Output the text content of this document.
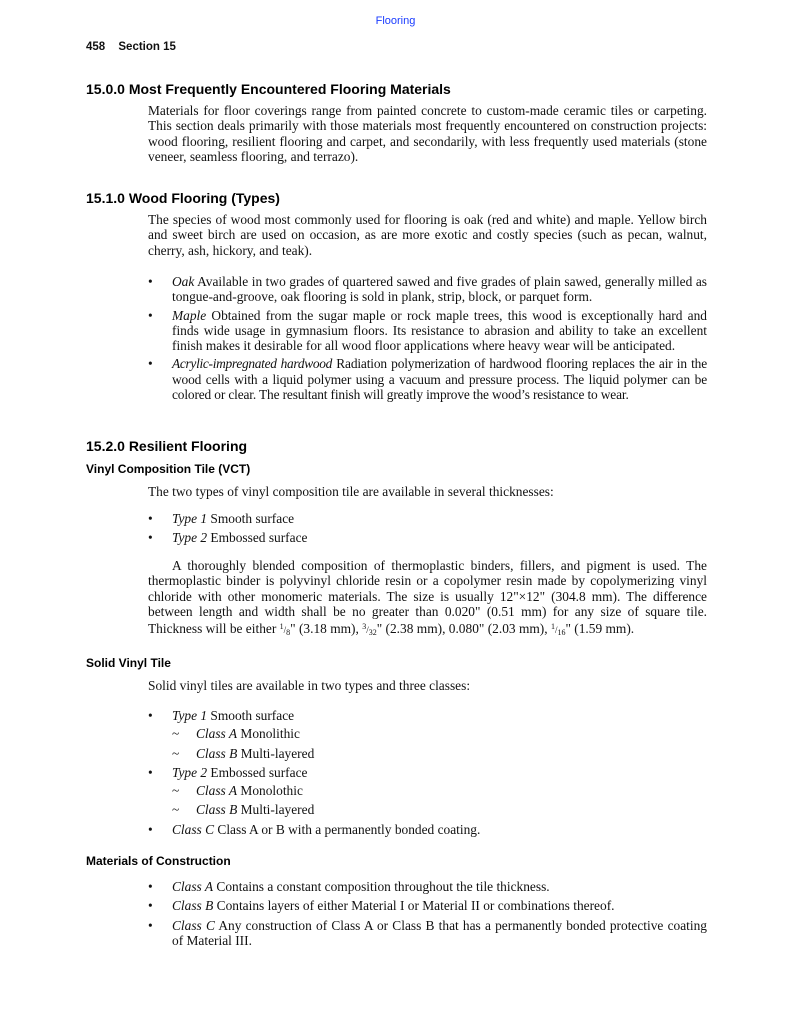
Flooring
458 Section 15
15.0.0 Most Frequently Encountered Flooring Materials

Materials for floor coverings range from painted concrete to custom-made ceramic tiles or carpeting. This section deals primarily with those materials most frequently encountered on construction projects: wood flooring, resilient flooring and carpet, and secondarily, with less frequently used materials (stone veneer, seamless flooring, and terrazo).

15.1.0 Wood Flooring (Types)

The species of wood most commonly used for flooring is oak (red and white) and maple. Yellow birch and sweet birch are used on occasion, as are more exotic and costly species (such as pecan, walnut, cherry, ash, hickory, and teak).

• Oak Available in two grades of quartered sawed and five grades of plain sawed, generally milled as tongue-and-groove, oak flooring is sold in plank, strip, block, or parquet form.
• Maple Obtained from the sugar maple or rock maple trees, this wood is exceptionally hard and finds wide usage in gymnasium floors. Its resistance to abrasion and ability to take an excellent finish makes it desirable for all wood floor applications where heavy wear will be anticipated.
• Acrylic-impregnated hardwood Radiation polymerization of hardwood flooring replaces the air in the wood cells with a liquid polymer using a vacuum and pressure process. The liquid polymer can be colored or clear. The resultant finish will greatly improve the wood’s resistance to wear.
15.2.0 Resilient Flooring
Vinyl Composition Tile (VCT)

The two types of vinyl composition tile are available in several thicknesses:

• Type 1 Smooth surface
• Type 2 Embossed surface

A thoroughly blended composition of thermoplastic binders, fillers, and pigment is used. The thermoplastic binder is polyvinyl chloride resin or a copolymer resin made by copolymerizing vinyl chloride with other monomeric materials. The size is usually 12"×12" (304.8 mm). The difference between length and width shall be no greater than 0.020" (0.51 mm) for any size of square tile. Thickness will be either $^1/_8$" (3.18 mm), $^3/_{32}$" (2.38 mm), 0.080" (2.03 mm), $^1/_{16}$" (1.59 mm).

Solid Vinyl Tile

Solid vinyl tiles are available in two types and three classes:

• Type 1 Smooth surface
~ Class A Monolithic
~ Class B Multi-layered
• Type 2 Embossed surface
~ Class A Monolothic
~ Class B Multi-layered
• Class C Class A or B with a permanently bonded coating.
Materials of Construction
• Class A Contains a constant composition throughout the tile thickness.
• Class B Contains layers of either Material I or Material II or combinations thereof.
• Class C Any construction of Class A or Class B that has a permanently bonded protective coating of Material III.
